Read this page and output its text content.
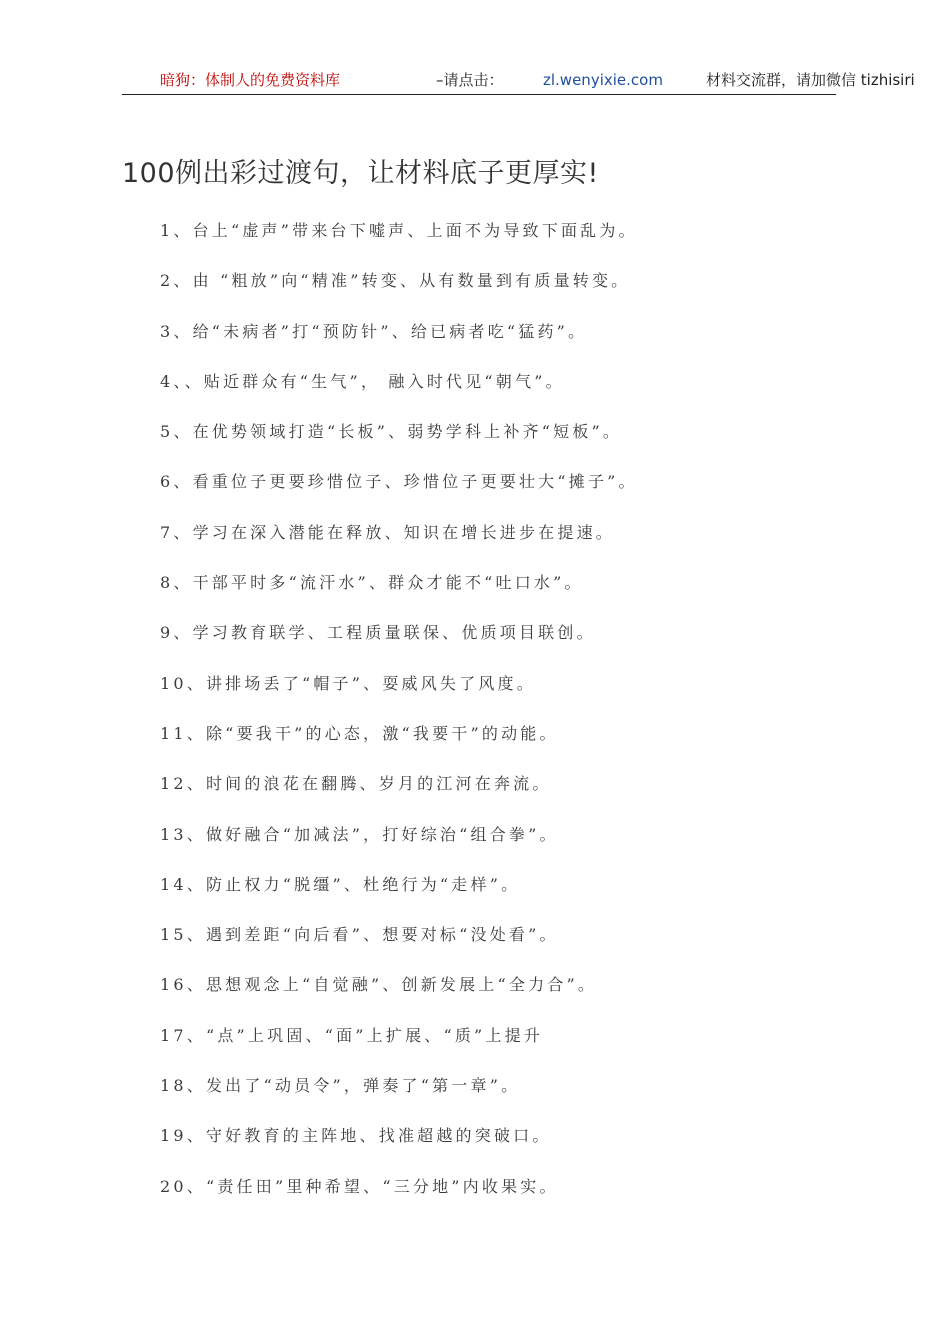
暗狗：体制人的免费资料库	–请点击：	zl.wenyixie.com	材料交流群，请加微信 tizhisiri
100例出彩过渡句，让材料底子更厚实!
1、台上“虚声”带来台下嘘声、上面不为导致下面乱为。
2、由 “粗放”向“精准”转变、从有数量到有质量转变。
3、给“未病者”打“预防针”、给已病者吃“猛药”。
4、、贴近群众有“生气”， 融入时代见“朝气”。
5、在优势领域打造“长板”、弱势学科上补齐“短板”。
6、看重位子更要珍惜位子、珍惜位子更要壮大“摊子”。
7、学习在深入潜能在释放、知识在增长进步在提速。
8、干部平时多“流汗水”、群众才能不“吐口水”。
9、学习教育联学、工程质量联保、优质项目联创。
10、讲排场丢了“帽子”、耍威风失了风度。
11、除“要我干”的心态，激“我要干”的动能。
12、时间的浪花在翻腾、岁月的江河在奔流。
13、做好融合“加减法”，打好综治“组合拳”。
14、防止权力“脱缰”、杜绝行为“走样”。
15、遇到差距“向后看”、想要对标“没处看”。
16、思想观念上“自觉融”、创新发展上“全力合”。
17、“点”上巩固、“面”上扩展、“质”上提升
18、发出了“动员令”，弹奏了“第一章”。
19、守好教育的主阵地、找准超越的突破口。
20、“责任田”里种希望、“三分地”内收果实。
